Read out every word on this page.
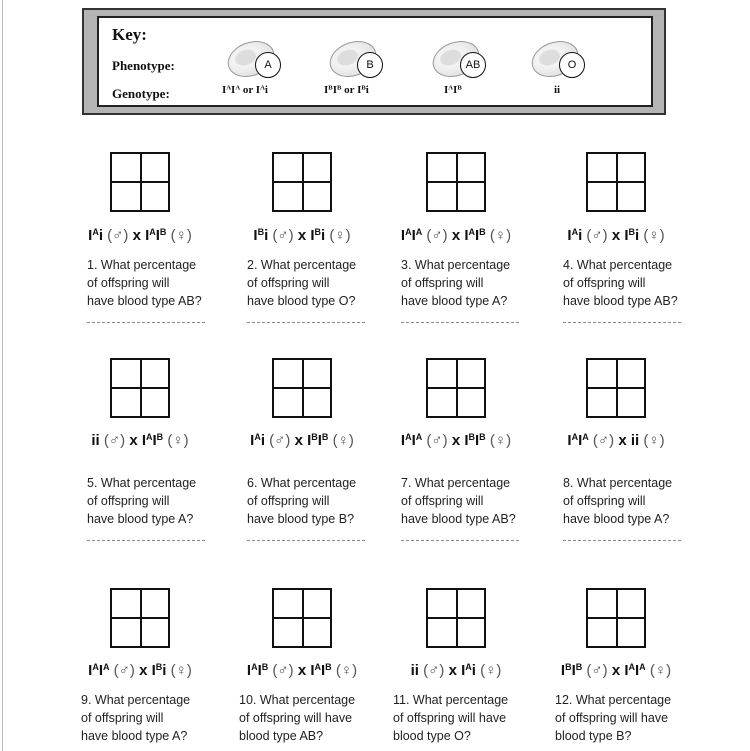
Key:
Phenotype:
Genotype:
A
$I^AI^A$ or $I^Ai$
B
$I^BI^B$ or $I^Bi$
AB
$I^AI^B$
O
ii
$I^Ai$ (♂) x $I^AI^B$ (♀)
1. What percentage
of offspring will
have blood type AB?
$I^Bi$ (♂) x $I^Bi$ (♀)
2. What percentage
of offspring will
have blood type O?
$I^AI^A$ (♂) x $I^AI^B$ (♀)
3. What percentage
of offspring will
have blood type A?
$I^Ai$ (♂) x $I^Bi$ (♀)
4. What percentage
of offspring will
have blood type AB?
ii (♂) x $I^AI^B$ (♀)
5. What percentage
of offspring will
have blood type A?
$I^Ai$ (♂) x $I^BI^B$ (♀)
6. What percentage
of offspring will
have blood type B?
$I^AI^A$ (♂) x $I^BI^B$ (♀)
7. What percentage
of offspring will
have blood type AB?
$I^AI^A$ (♂) x ii (♀)
8. What percentage
of offspring will
have blood type A?
$I^AI^A$ (♂) x $I^Bi$ (♀)
9. What percentage
of offspring will
have blood type A?
$I^AI^B$ (♂) x $I^AI^B$ (♀)
10. What percentage
of offspring will have
blood type AB?
ii (♂) x $I^Ai$ (♀)
11. What percentage
of offspring will have
blood type O?
$I^BI^B$ (♂) x $I^AI^A$ (♀)
12. What percentage
of offspring will have
blood type B?
